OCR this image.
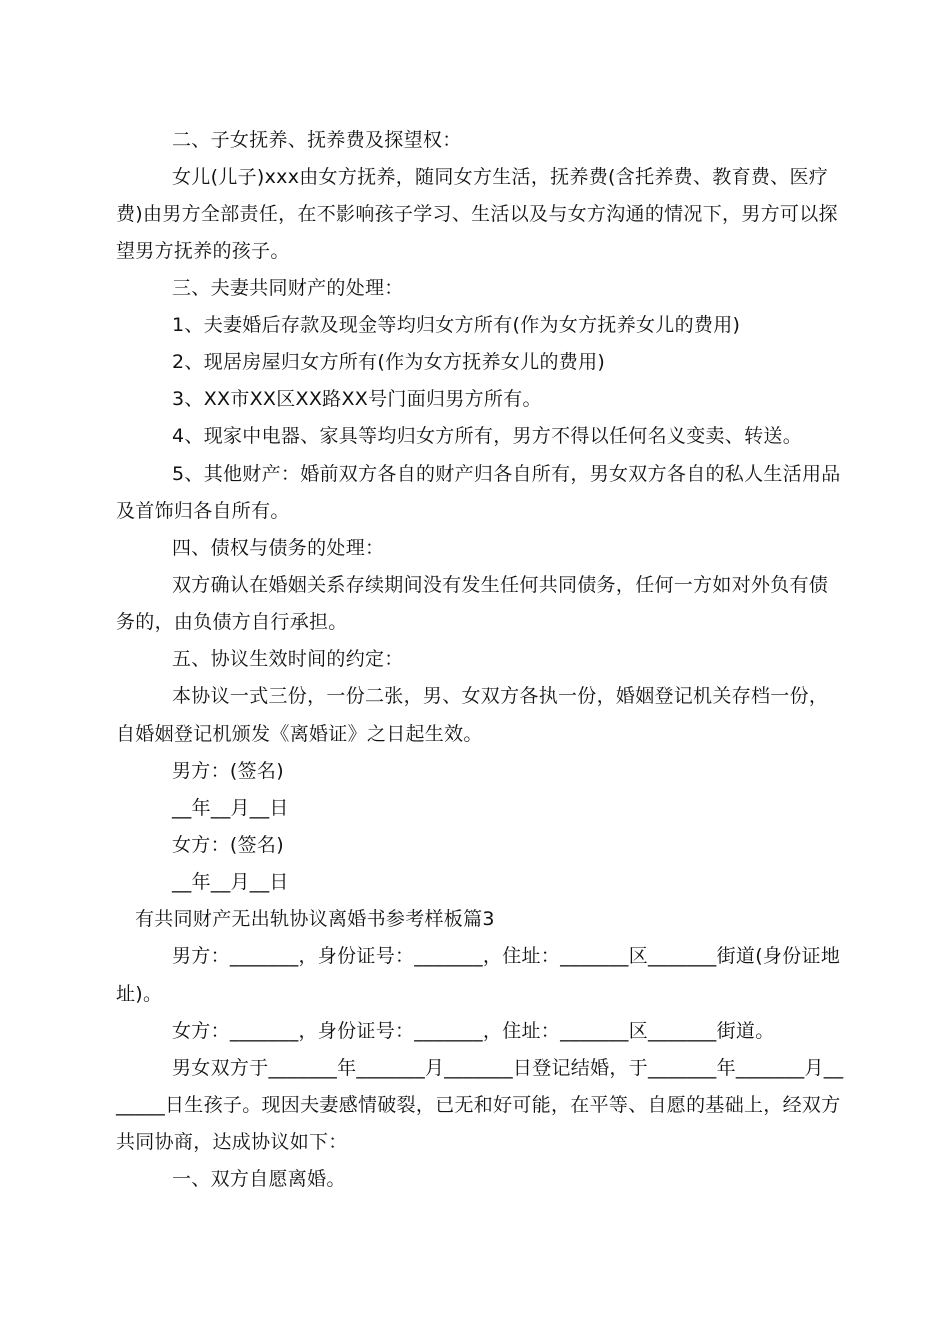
二、子女抚养、抚养费及探望权：
女儿(儿子)xxx由女方抚养，随同女方生活，抚养费(含托养费、教育费、医疗
费)由男方全部责任，在不影响孩子学习、生活以及与女方沟通的情况下，男方可以探
望男方抚养的孩子。
三、夫妻共同财产的处理：
1、夫妻婚后存款及现金等均归女方所有(作为女方抚养女儿的费用)
2、现居房屋归女方所有(作为女方抚养女儿的费用)
3、XX市XX区XX路XX号门面归男方所有。
4、现家中电器、家具等均归女方所有，男方不得以任何名义变卖、转送。
5、其他财产：婚前双方各自的财产归各自所有，男女双方各自的私人生活用品
及首饰归各自所有。
四、债权与债务的处理：
双方确认在婚姻关系存续期间没有发生任何共同债务，任何一方如对外负有债
务的，由负债方自行承担。
五、协议生效时间的约定：
本协议一式三份，一份二张，男、女双方各执一份，婚姻登记机关存档一份，
自婚姻登记机颁发《离婚证》之日起生效。
男方：(签名)
__年__月__日
女方：(签名)
__年__月__日
有共同财产无出轨协议离婚书参考样板篇3
男方：_______，身份证号：_______，住址：_______区_______街道(身份证地
址)。
女方：_______，身份证号：_______，住址：_______区_______街道。
男女双方于_______年_______月_______日登记结婚，于_______年_______月__
_____日生孩子。现因夫妻感情破裂，已无和好可能，在平等、自愿的基础上，经双方
共同协商，达成协议如下：
一、双方自愿离婚。
